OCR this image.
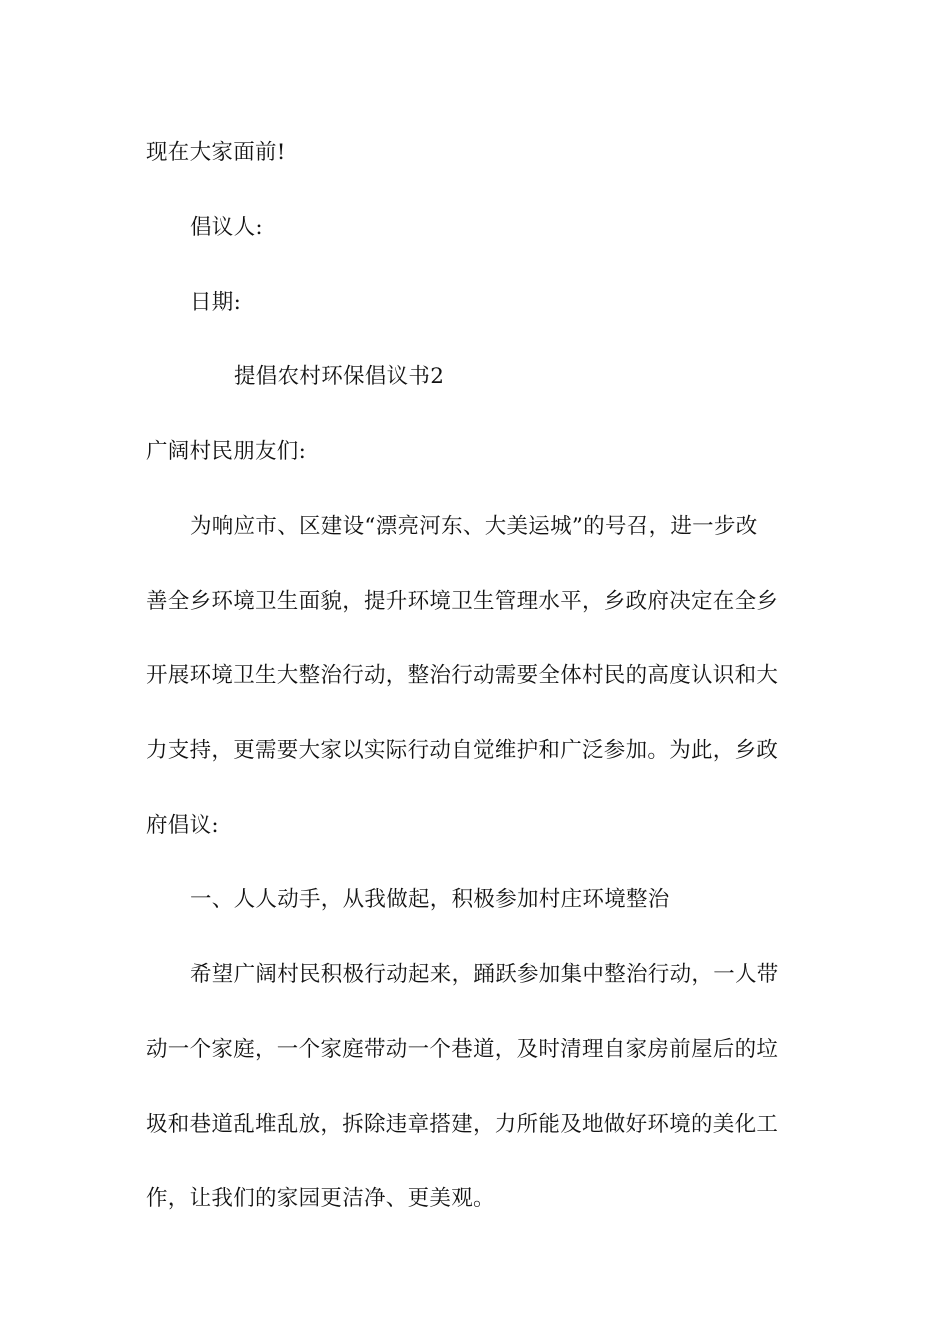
现在大家面前!
倡议人:
日期:
提倡农村环保倡议书2
广阔村民朋友们:
为响应市、区建设“漂亮河东、大美运城”的号召，进一步改
善全乡环境卫生面貌，提升环境卫生管理水平，乡政府决定在全乡
开展环境卫生大整治行动，整治行动需要全体村民的高度认识和大
力支持，更需要大家以实际行动自觉维护和广泛参加。为此，乡政
府倡议:
一、人人动手，从我做起，积极参加村庄环境整治
希望广阔村民积极行动起来，踊跃参加集中整治行动，一人带
动一个家庭，一个家庭带动一个巷道，及时清理自家房前屋后的垃
圾和巷道乱堆乱放，拆除违章搭建，力所能及地做好环境的美化工
作，让我们的家园更洁净、更美观。
